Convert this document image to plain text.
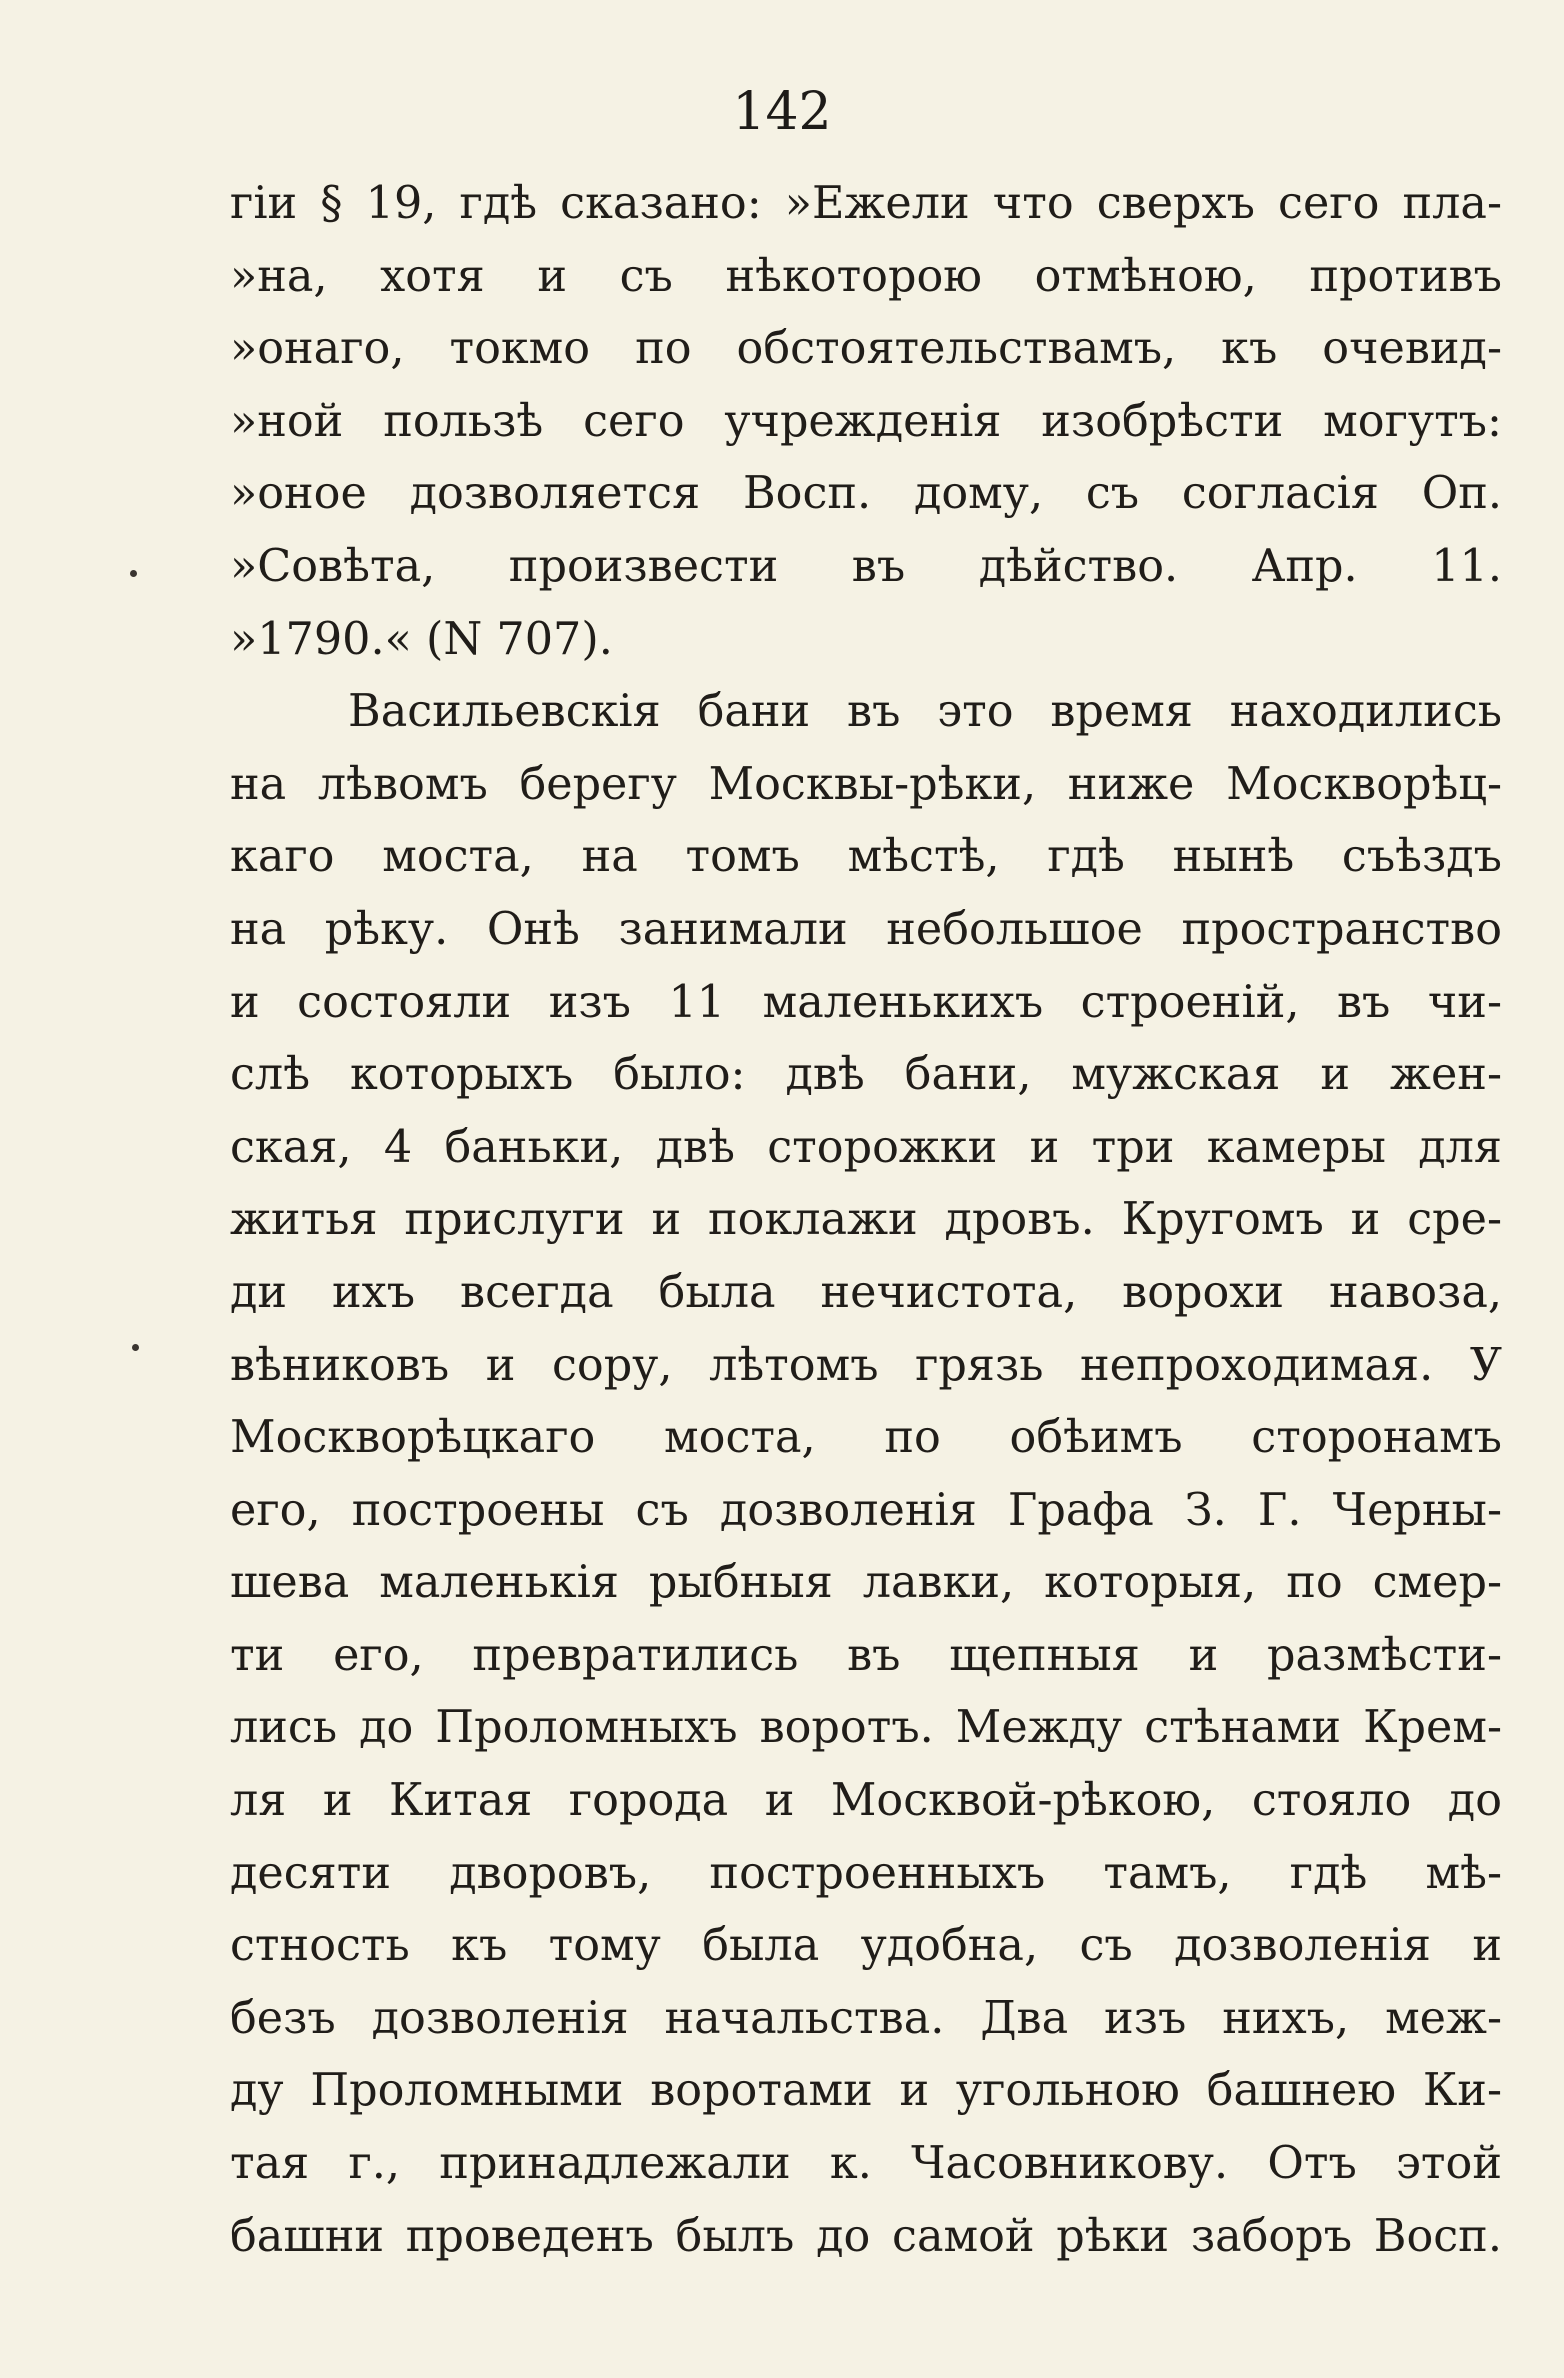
142
гіи § 19, гдѣ сказано: »Ежели что сверхъ сего пла-
»на, хотя и съ нѣкоторою отмѣною, противъ
»онаго, токмо по обстоятельствамъ, къ очевид-
»ной пользѣ сего учрежденія изобрѣсти могутъ:
»оное дозволяется Восп. дому, съ согласія Оп.
»Совѣта, произвести въ дѣйство. Апр. 11.
»1790.« (N 707).
Васильевскія бани въ это время находились
на лѣвомъ берегу Москвы-рѣки, ниже Москворѣц-
каго моста, на томъ мѣстѣ, гдѣ нынѣ съѣздъ
на рѣку. Онѣ занимали небольшое пространство
и состояли изъ 11 маленькихъ строеній, въ чи-
слѣ которыхъ было: двѣ бани, мужская и жен-
ская, 4 баньки, двѣ сторожки и три камеры для
житья прислуги и поклажи дровъ. Кругомъ и сре-
ди ихъ всегда была нечистота, ворохи навоза,
вѣниковъ и сору, лѣтомъ грязь непроходимая. У
Москворѣцкаго моста, по обѣимъ сторонамъ
его, построены съ дозволенія Графа З. Г. Черны-
шева маленькія рыбныя лавки, которыя, по смер-
ти его, превратились въ щепныя и размѣсти-
лись до Проломныхъ воротъ. Между стѣнами Крем-
ля и Китая города и Москвой-рѣкою, стояло до
десяти дворовъ, построенныхъ тамъ, гдѣ мѣ-
стность къ тому была удобна, съ дозволенія и
безъ дозволенія начальства. Два изъ нихъ, меж-
ду Проломными воротами и угольною башнею Ки-
тая г., принадлежали к. Часовникову. Отъ этой
башни проведенъ былъ до самой рѣки заборъ Восп.
